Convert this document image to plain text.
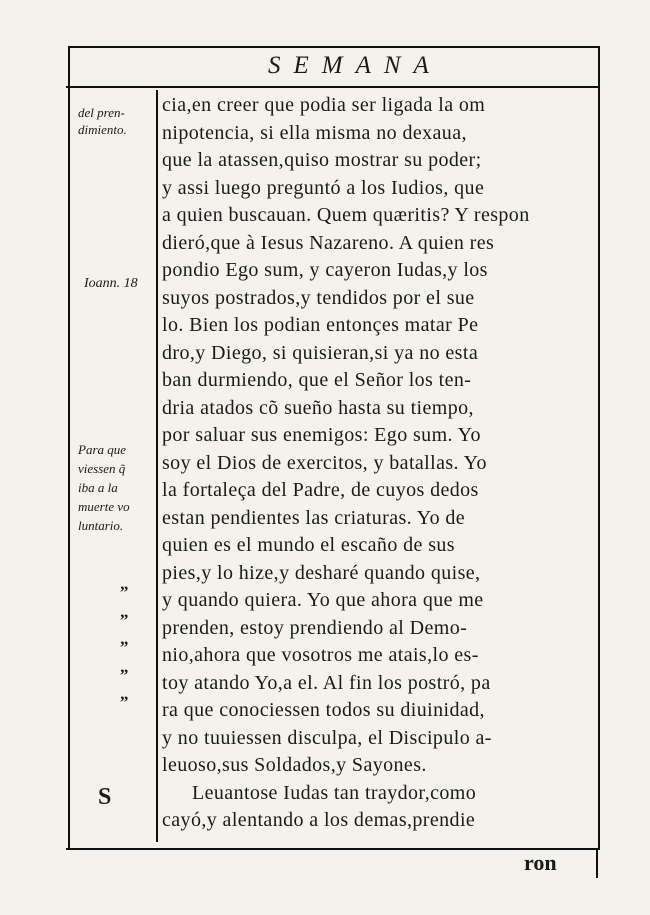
SEMANA
del pren-
dimiento.
Ioann. 18
Para que
viessen q̃
iba a la
muerte vo
luntario.
„
„
„
„
„
S
cia,en creer que podia ser ligada la om
nipotencia, si ella misma no dexaua,
que la atassen,quiso mostrar su poder;
y assi luego preguntó a los Iudios, que
a quien buscauan. Quem quæritis? Y respon
dieró,que à Iesus Nazareno. A quien res
pondio Ego sum, y cayeron Iudas,y los
suyos postrados,y tendidos por el sue
lo. Bien los podian entonçes matar Pe
dro,y Diego, si quisieran,si ya no esta
ban durmiendo, que el Señor los ten-
dria atados cõ sueño hasta su tiempo,
por saluar sus enemigos: Ego sum. Yo
soy el Dios de exercitos, y batallas. Yo
la fortaleça del Padre, de cuyos dedos
estan pendientes las criaturas. Yo de
quien es el mundo el escaño de sus
pies,y lo hize,y desharé quando quise,
y quando quiera. Yo que ahora que me
prenden, estoy prendiendo al Demo-
nio,ahora que vosotros me atais,lo es-
toy atando Yo,a el. Al fin los postró, pa
ra que conociessen todos su diuinidad,
y no tuuiessen disculpa, el Discipulo a-
leuoso,sus Soldados,y Sayones.
Leuantose Iudas tan traydor,como
cayó,y alentando a los demas,prendie
ron
